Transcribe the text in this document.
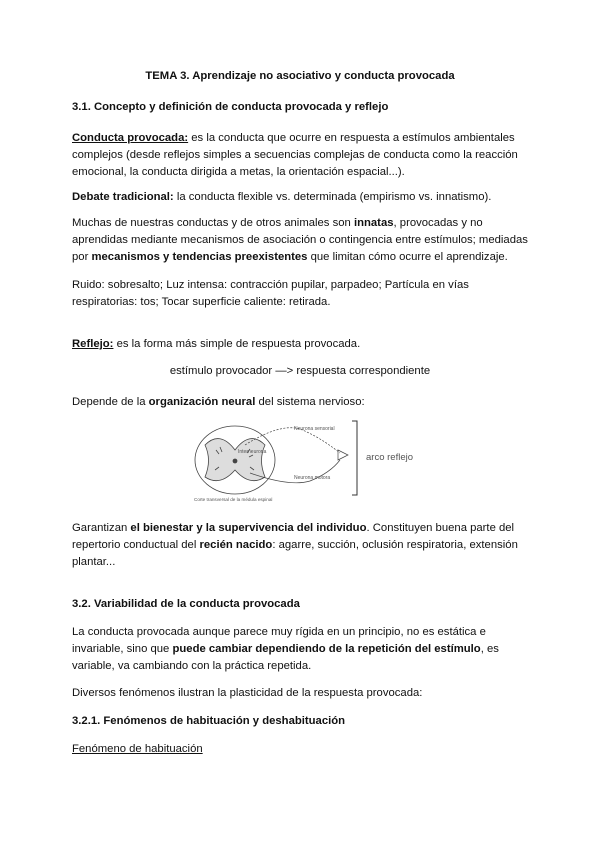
TEMA 3. Aprendizaje no asociativo y conducta provocada
3.1. Concepto y definición de conducta provocada y reflejo
Conducta provocada: es la conducta que ocurre en respuesta a estímulos ambientales
complejos (desde reflejos simples a secuencias complejas de conducta como la reacción
emocional, la conducta dirigida a metas, la orientación espacial...).
Debate tradicional: la conducta flexible vs. determinada (empirismo vs. innatismo).
Muchas de nuestras conductas y de otros animales son innatas, provocadas y no
aprendidas mediante mecanismos de asociación o contingencia entre estímulos; mediadas
por mecanismos y tendencias preexistentes que limitan cómo ocurre el aprendizaje.
Ruido: sobresalto; Luz intensa: contracción pupilar, parpadeo; Partícula en vías
respiratorias: tos; Tocar superficie caliente: retirada.
Reflejo: es la forma más simple de respuesta provocada.
estímulo provocador —> respuesta correspondiente
Depende de la organización neural del sistema nervioso:
Neurona sensorial
Interneurona
Neurona motora
Corte transversal de la médula espinal
arco reflejo
Garantizan el bienestar y la supervivencia del individuo. Constituyen buena parte del
repertorio conductual del recién nacido: agarre, succión, oclusión respiratoria, extensión
plantar...
3.2. Variabilidad de la conducta provocada
La conducta provocada aunque parece muy rígida en un principio, no es estática e
invariable, sino que puede cambiar dependiendo de la repetición del estímulo, es
variable, va cambiando con la práctica repetida.
Diversos fenómenos ilustran la plasticidad de la respuesta provocada:
3.2.1. Fenómenos de habituación y deshabituación
Fenómeno de habituación
